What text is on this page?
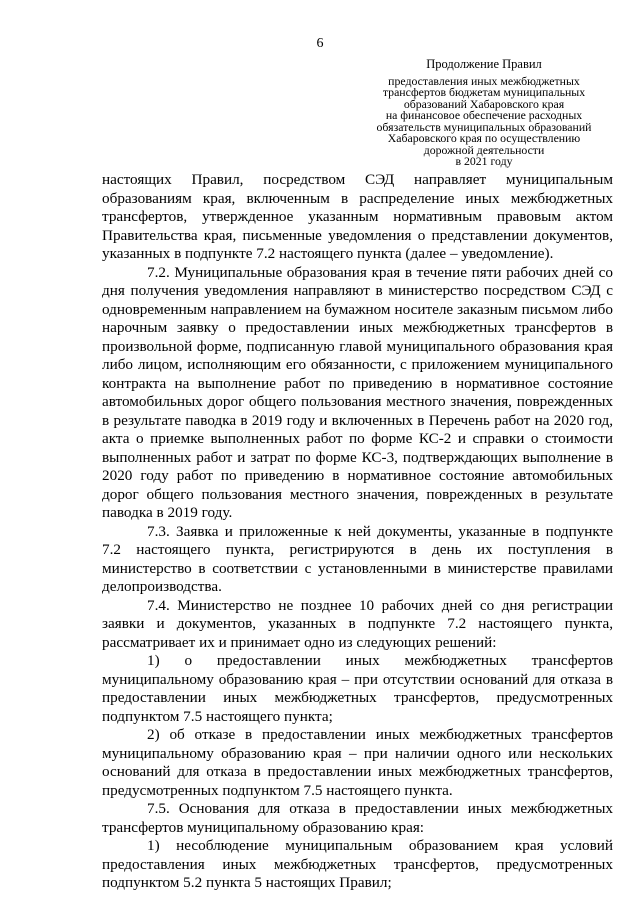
6
Продолжение Правил
предоставления иных межбюджетных
трансфертов бюджетам муниципальных
образований Хабаровского края
на финансовое обеспечение расходных
обязательств муниципальных образований
Хабаровского края по осуществлению
дорожной деятельности
в 2021 году

настоящих Правил, посредством СЭД направляет муниципальным образованиям края, включенным в распределение иных межбюджетных трансфертов, утвержденное указанным нормативным правовым актом Правительства края, письменные уведомления о представлении документов, указанных в подпункте 7.2 настоящего пункта (далее – уведомление).

7.2. Муниципальные образования края в течение пяти рабочих дней со дня получения уведомления направляют в министерство посредством СЭД с одновременным направлением на бумажном носителе заказным письмом либо нарочным заявку о предоставлении иных межбюджетных трансфертов в произвольной форме, подписанную главой муниципального образования края либо лицом, исполняющим его обязанности, с приложением муниципального контракта на выполнение работ по приведению в нормативное состояние автомобильных дорог общего пользования местного значения, поврежденных в результате паводка в 2019 году и включенных в Перечень работ на 2020 год, акта о приемке выполненных работ по форме КС-2 и справки о стоимости выполненных работ и затрат по форме КС-3, подтверждающих выполнение в 2020 году работ по приведению в нормативное состояние автомобильных дорог общего пользования местного значения, поврежденных в результате паводка в 2019 году.

7.3. Заявка и приложенные к ней документы, указанные в подпункте 7.2 настоящего пункта, регистрируются в день их поступления в министерство в соответствии с установленными в министерстве правилами делопроизводства.

7.4. Министерство не позднее 10 рабочих дней со дня регистрации заявки и документов, указанных в подпункте 7.2 настоящего пункта, рассматривает их и принимает одно из следующих решений:

1) о предоставлении иных межбюджетных трансфертов муниципальному образованию края – при отсутствии оснований для отказа в предоставлении иных межбюджетных трансфертов, предусмотренных подпунктом 7.5 настоящего пункта;

2) об отказе в предоставлении иных межбюджетных трансфертов муниципальному образованию края – при наличии одного или нескольких оснований для отказа в предоставлении иных межбюджетных трансфертов, предусмотренных подпунктом 7.5 настоящего пункта.

7.5. Основания для отказа в предоставлении иных межбюджетных трансфертов муниципальному образованию края:

1) несоблюдение муниципальным образованием края условий предоставления иных межбюджетных трансфертов, предусмотренных подпунктом 5.2 пункта 5 настоящих Правил;
